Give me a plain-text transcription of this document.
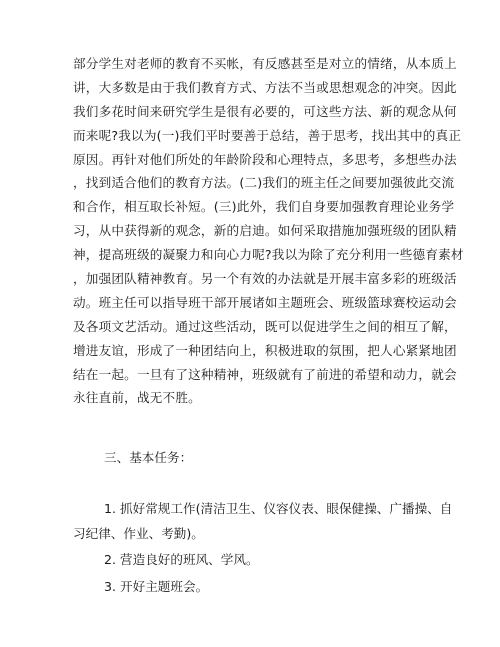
部分学生对老师的教育不买帐，有反感甚至是对立的情绪，从本质上
讲，大多数是由于我们教育方式、方法不当或思想观念的冲突。因此
我们多花时间来研究学生是很有必要的，可这些方法、新的观念从何
而来呢?我以为(一)我们平时要善于总结，善于思考，找出其中的真正
原因。再针对他们所处的年龄阶段和心理特点，多思考，多想些办法
，找到适合他们的教育方法。(二)我们的班主任之间要加强彼此交流
和合作，相互取长补短。(三)此外，我们自身要加强教育理论业务学
习，从中获得新的观念，新的启迪。如何采取措施加强班级的团队精
神，提高班级的凝聚力和向心力呢?我以为除了充分利用一些德育素材
，加强团队精神教育。另一个有效的办法就是开展丰富多彩的班级活
动。班主任可以指导班干部开展诸如主题班会、班级篮球赛校运动会
及各项文艺活动。通过这些活动，既可以促进学生之间的相互了解，
增进友谊，形成了一种团结向上，积极进取的氛围，把人心紧紧地团
结在一起。一旦有了这种精神，班级就有了前进的希望和动力，就会
永往直前，战无不胜。
三、基本任务：
1. 抓好常规工作(清洁卫生、仪容仪表、眼保健操、广播操、自
习纪律、作业、考勤)。
2. 营造良好的班风、学风。
3. 开好主题班会。
